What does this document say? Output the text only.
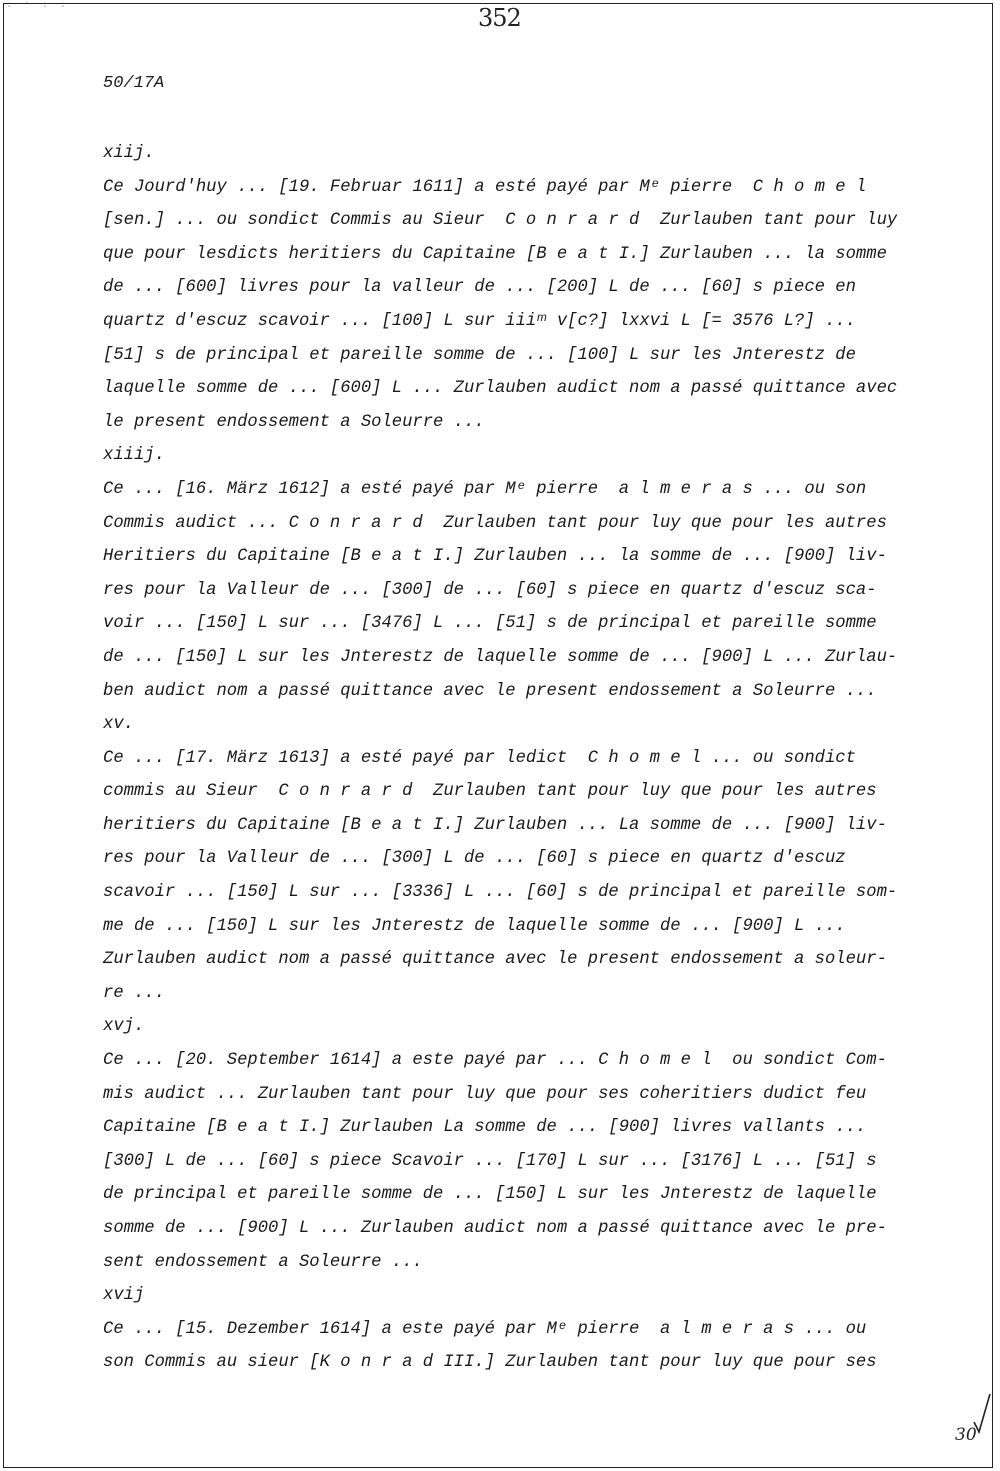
· ˙ · ·	352
50/17A
xiij.
Ce Jourd'huy ... [19. Februar 1611] a esté payé par Mᵉ pierre  C h o m e l
[sen.] ... ou sondict Commis au Sieur  C o n r a r d  Zurlauben tant pour luy
que pour lesdicts heritiers du Capitaine [B e a t I.] Zurlauben ... la somme
de ... [600] livres pour la valleur de ... [200] L de ... [60] s piece en
quartz d'escuz scavoir ... [100] L sur iiiᵐ v[c?] lxxvi L [= 3576 L?] ...
[51] s de principal et pareille somme de ... [100] L sur les Jnterestz de
laquelle somme de ... [600] L ... Zurlauben audict nom a passé quittance avec
le present endossement a Soleurre ...
xiiij.
Ce ... [16. März 1612] a esté payé par Mᵉ pierre  a l m e r a s ... ou son
Commis audict ... C o n r a r d  Zurlauben tant pour luy que pour les autres
Heritiers du Capitaine [B e a t I.] Zurlauben ... la somme de ... [900] liv-
res pour la Valleur de ... [300] de ... [60] s piece en quartz d'escuz sca-
voir ... [150] L sur ... [3476] L ... [51] s de principal et pareille somme
de ... [150] L sur les Jnterestz de laquelle somme de ... [900] L ... Zurlau-
ben audict nom a passé quittance avec le present endossement a Soleurre ...
xv.
Ce ... [17. März 1613] a esté payé par ledict  C h o m e l ... ou sondict
commis au Sieur  C o n r a r d  Zurlauben tant pour luy que pour les autres
heritiers du Capitaine [B e a t I.] Zurlauben ... La somme de ... [900] liv-
res pour la Valleur de ... [300] L de ... [60] s piece en quartz d'escuz
scavoir ... [150] L sur ... [3336] L ... [60] s de principal et pareille som-
me de ... [150] L sur les Jnterestz de laquelle somme de ... [900] L ...
Zurlauben audict nom a passé quittance avec le present endossement a soleur-
re ...
xvj.
Ce ... [20. September 1614] a este payé par ... C h o m e l  ou sondict Com-
mis audict ... Zurlauben tant pour luy que pour ses coheritiers dudict feu
Capitaine [B e a t I.] Zurlauben La somme de ... [900] livres vallants ...
[300] L de ... [60] s piece Scavoir ... [170] L sur ... [3176] L ... [51] s
de principal et pareille somme de ... [150] L sur les Jnterestz de laquelle
somme de ... [900] L ... Zurlauben audict nom a passé quittance avec le pre-
sent endossement a Soleurre ...
xvij
Ce ... [15. Dezember 1614] a este payé par Mᵉ pierre  a l m e r a s ... ou
son Commis au sieur [K o n r a d III.] Zurlauben tant pour luy que pour ses
30
